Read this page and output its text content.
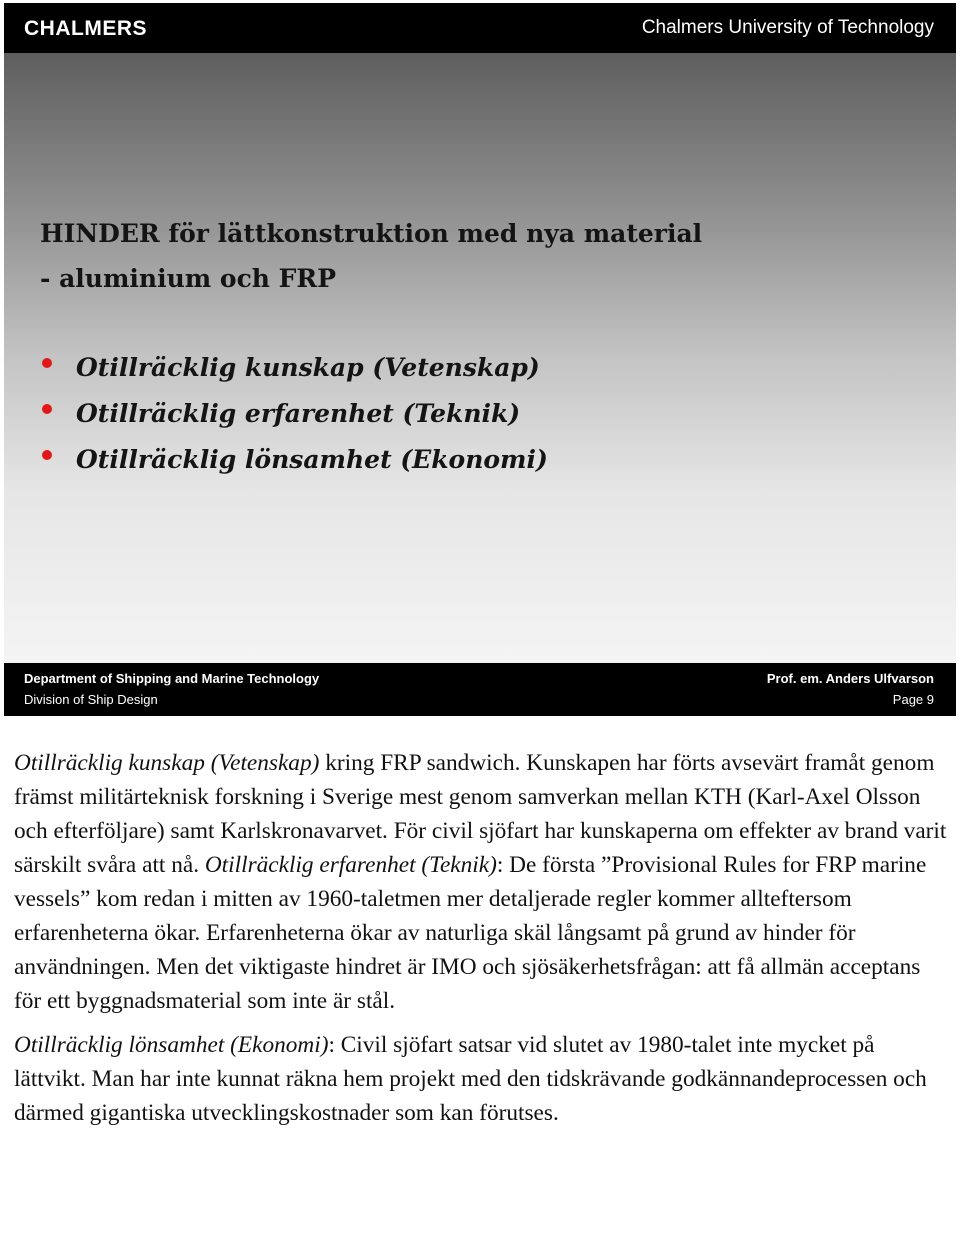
CHALMERS	Chalmers University of Technology
HINDER för lättkonstruktion med nya material
- aluminium och FRP
Otillräcklig kunskap (Vetenskap)
Otillräcklig erfarenhet (Teknik)
Otillräcklig lönsamhet (Ekonomi)
Department of Shipping and Marine Technology
Division of Ship Design
Prof. em. Anders Ulfvarson
Page 9

Otillräcklig kunskap (Vetenskap) kring FRP sandwich. Kunskapen har förts avsevärt framåt genom främst militärteknisk forskning i Sverige mest genom samverkan mellan KTH (Karl-Axel Olsson och efterföljare) samt Karlskronavarvet. För civil sjöfart har kunskaperna om effekter av brand varit särskilt svåra att nå. Otillräcklig erfarenhet (Teknik): De första ”Provisional Rules for FRP marine vessels” kom redan i mitten av 1960-taletmen mer detaljerade regler kommer allteftersom erfarenheterna ökar. Erfarenheterna ökar av naturliga skäl långsamt på grund av hinder för användningen. Men det viktigaste hindret är IMO och sjösäkerhetsfrågan: att få allmän acceptans för ett byggnadsmaterial som inte är stål.

Otillräcklig lönsamhet (Ekonomi): Civil sjöfart satsar vid slutet av 1980-talet inte mycket på lättvikt. Man har inte kunnat räkna hem projekt med den tidskrävande godkännandeprocessen och därmed gigantiska utvecklingskostnader som kan förutses.
